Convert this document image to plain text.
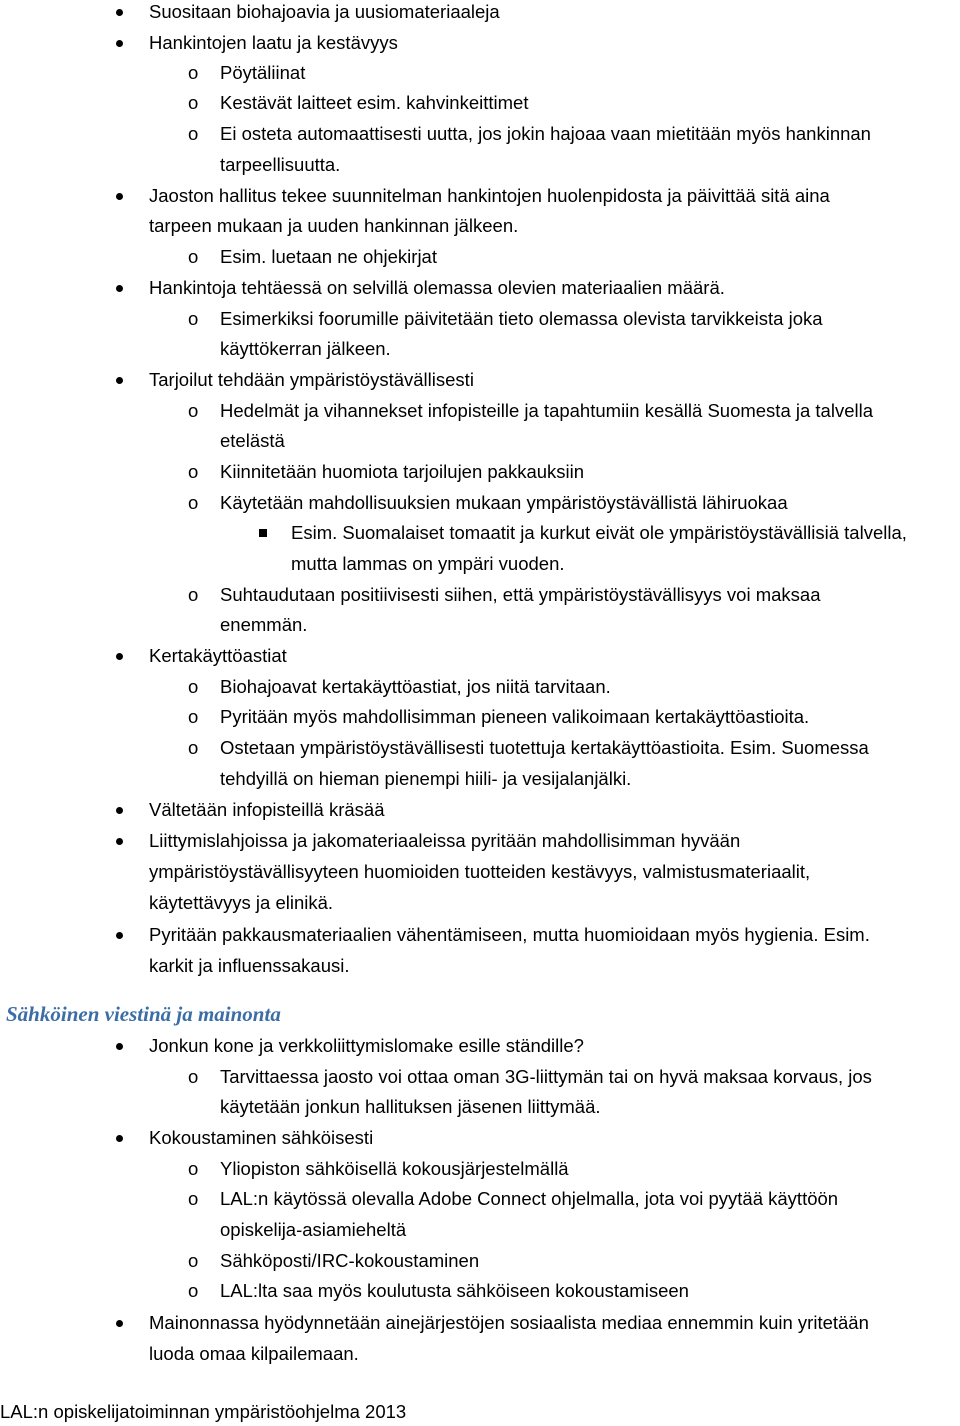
Suositaan biohajoavia ja uusiomateriaaleja
Hankintojen laatu ja kestävyys
o Pöytäliinat
o Kestävät laitteet esim. kahvinkeittimet
o Ei osteta automaattisesti uutta, jos jokin hajoaa vaan mietitään myös hankinnan
tarpeellisuutta.
Jaoston hallitus tekee suunnitelman hankintojen huolenpidosta ja päivittää sitä aina
tarpeen mukaan ja uuden hankinnan jälkeen.
o Esim. luetaan ne ohjekirjat
Hankintoja tehtäessä on selvillä olemassa olevien materiaalien määrä.
o Esimerkiksi foorumille päivitetään tieto olemassa olevista tarvikkeista joka
käyttökerran jälkeen.
Tarjoilut tehdään ympäristöystävällisesti
o Hedelmät ja vihannekset infopisteille ja tapahtumiin kesällä Suomesta ja talvella
etelästä
o Kiinnitetään huomiota tarjoilujen pakkauksiin
o Käytetään mahdollisuuksien mukaan ympäristöystävällistä lähiruokaa
Esim. Suomalaiset tomaatit ja kurkut eivät ole ympäristöystävällisiä talvella,
mutta lammas on ympäri vuoden.
o Suhtaudutaan positiivisesti siihen, että ympäristöystävällisyys voi maksaa
enemmän.
Kertakäyttöastiat
o Biohajoavat kertakäyttöastiat, jos niitä tarvitaan.
o Pyritään myös mahdollisimman pieneen valikoimaan kertakäyttöastioita.
o Ostetaan ympäristöystävällisesti tuotettuja kertakäyttöastioita. Esim. Suomessa
tehdyillä on hieman pienempi hiili- ja vesijalanjälki.
Vältetään infopisteillä kräsää
Liittymislahjoissa ja jakomateriaaleissa pyritään mahdollisimman hyvään
ympäristöystävällisyyteen huomioiden tuotteiden kestävyys, valmistusmateriaalit,
käytettävyys ja elinikä.
Pyritään pakkausmateriaalien vähentämiseen, mutta huomioidaan myös hygienia. Esim.
karkit ja influenssakausi.
Sähköinen viestinä ja mainonta
Jonkun kone ja verkkoliittymislomake esille ständille?
o Tarvittaessa jaosto voi ottaa oman 3G-liittymän tai on hyvä maksaa korvaus, jos
käytetään jonkun hallituksen jäsenen liittymää.
Kokoustaminen sähköisesti
o Yliopiston sähköisellä kokousjärjestelmällä
o LAL:n käytössä olevalla Adobe Connect ohjelmalla, jota voi pyytää käyttöön
opiskelija-asiamieheltä
o Sähköposti/IRC-kokoustaminen
o LAL:lta saa myös koulutusta sähköiseen kokoustamiseen
Mainonnassa hyödynnetään ainejärjestöjen sosiaalista mediaa ennemmin kuin yritetään
luoda omaa kilpailemaan.
LAL:n opiskelijatoiminnan ympäristöohjelma 2013
